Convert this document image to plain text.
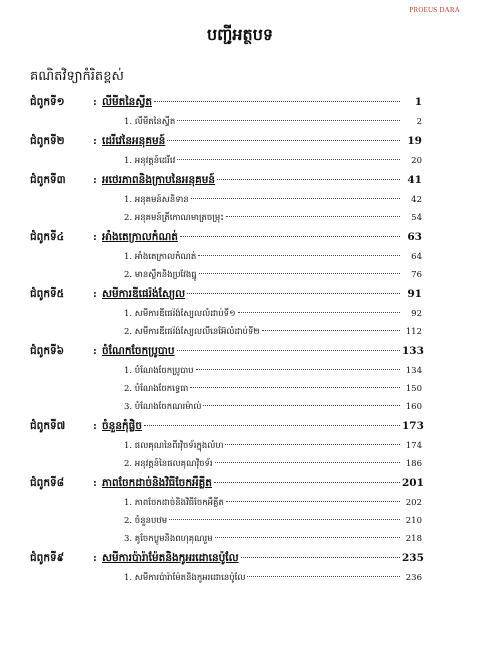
PROEUS DARA
បញ្ជីអត្ថបទ
គណិតវិទ្យាកំរិតខ្ពស់
ជំពូកទី១	: លីមីតនៃស្វីត	1
1. លីមីតនៃស្វីត	2
ជំពូកទី២	: ដេរីវេនៃអនុគមន៍	19
1. អនុវត្តន៍ដេរីវេ	20
ជំពូកទី៣	: អថេរភាពនិងក្រាបនៃអនុគមន៍	41
1. អនុគមន៍សនិទាន	42
2. អនុគមន៍ត្រីកោណមាត្រចម្រុះ	54
ជំពូកទី៤	: អាំងតេក្រាលកំណត់	63
1. អាំងតេក្រាលកំណត់	64
2. មានស្លឹកនិងប្រវែងធ្នូ	76
ជំពូកទី៥	: សមីការឌីផេរ៉ង់ស្យែល	91
1. សមីការឌីផេរ៉ង់ស្យែលលំដាប់ទី១	92
2. សមីការឌីផេរ៉ង់ស្យែលលីនេអ៊ែលំដាប់ទី២	112
ជំពូកទី៦	: ចំណែកចែកប្រូបាប	133
1. បំណែងចែកប្រូបាប	134
2. បំណែងចែកទ្វេធា	150
3. បំណែងចែកណរម៉ាល់	160
ជំពូកទី៧	: ចំនួនកុំផ្លិច	173
1. ផលគុណនៃពីរវ៉ិចទ័រក្នុងលំហ	174
2. អនុវត្តន៍នៃផលគុណវ៉ិចទ័រ	186
ជំពូកទី៨	: ភាពចែកដាច់និងវិធីចែកអឺគ្លីត	201
1. ភាពចែកដាច់និងវិធីចែកអឺគ្លីត	202
2. ចំនួនបឋម	210
3. គូចែកប្លូមនិងពហុគុណរួម	218
ជំពូកទី៩	: សមីការប៉ារ៉ាម៉ែតនិងកូអរដោនេប៉ូលែ	235
1. សមីការប៉ារ៉ាម៉ែតនិងកូអរដោនេប៉ូលែ	236
